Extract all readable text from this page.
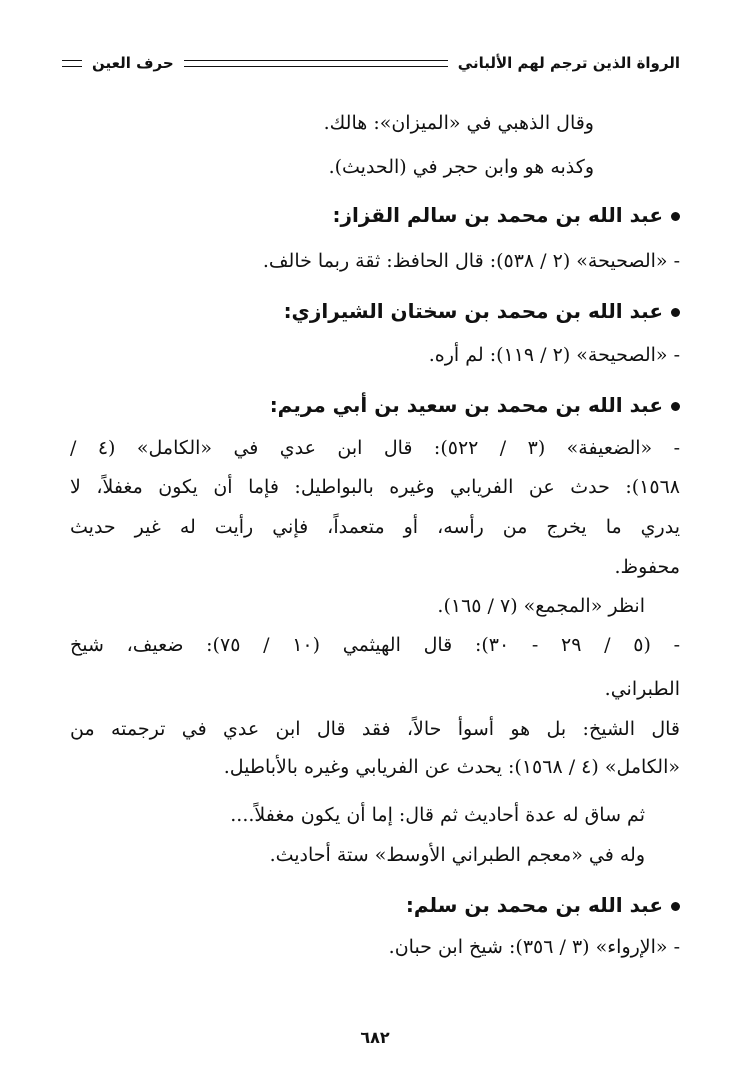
الرواة الذين ترجم لهم الألباني
حرف العين
وقال الذهبي في «الميزان»: هالك.
وكذبه هو وابن حجر في (الحديث).
عبد الله بن محمد بن سالم القزاز:
- «الصحيحة» (٢ / ٥٣٨): قال الحافظ: ثقة ربما خالف.
عبد الله بن محمد بن سختان الشيرازي:
- «الصحيحة» (٢ / ١١٩): لم أره.
عبد الله بن محمد بن سعيد بن أبي مريم:
- «الضعيفة» (٣ / ٥٢٢): قال ابن عدي في «الكامل» (٤ /
١٥٦٨): حدث عن الفريابي وغيره بالبواطيل: فإما أن يكون مغفلاً، لا
يدري ما يخرج من رأسه، أو متعمداً، فإني رأيت له غير حديث
محفوظ.
انظر «المجمع» (٧ / ١٦٥).
- (٥ / ٢٩ - ٣٠): قال الهيثمي (١٠ / ٧٥): ضعيف، شيخ
الطبراني.
قال الشيخ: بل هو أسوأ حالاً، فقد قال ابن عدي في ترجمته من
«الكامل» (٤ / ١٥٦٨): يحدث عن الفريابي وغيره بالأباطيل.
ثم ساق له عدة أحاديث ثم قال: إما أن يكون مغفلاً....
وله في «معجم الطبراني الأوسط» ستة أحاديث.
عبد الله بن محمد بن سلم:
- «الإرواء» (٣ / ٣٥٦): شيخ ابن حبان.
٦٨٢
